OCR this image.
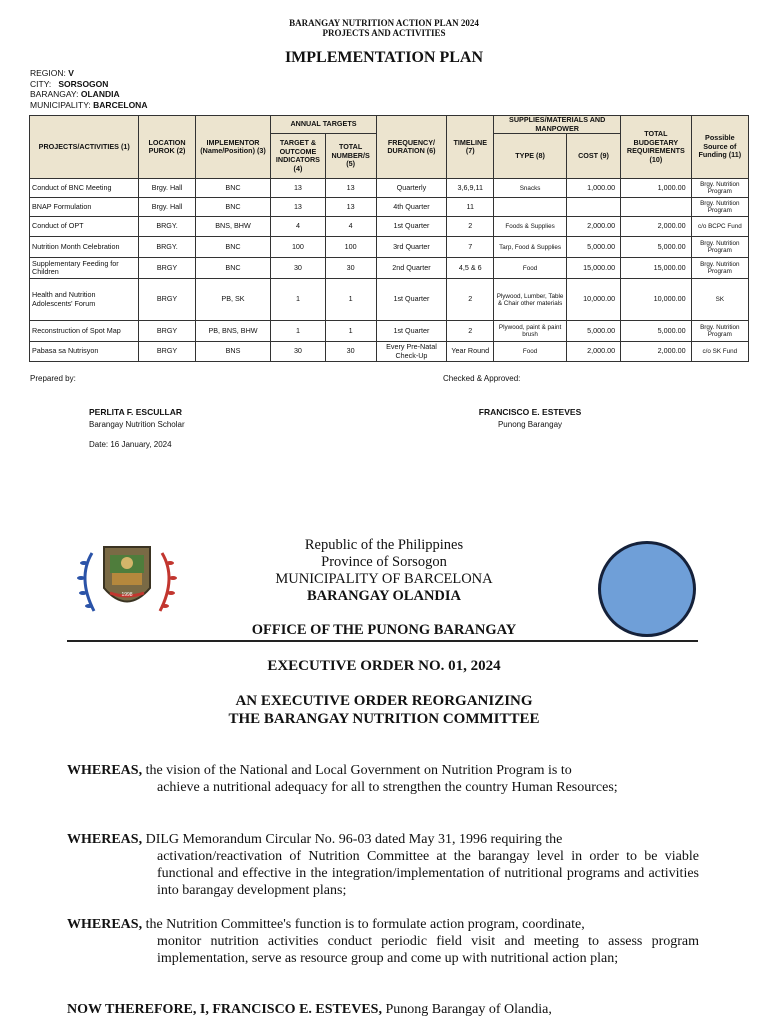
BARANGAY NUTRITION ACTION PLAN 2024
PROJECTS AND ACTIVITIES
IMPLEMENTATION PLAN
REGION: V
CITY: SORSOGON
BARANGAY: OLANDIA
MUNICIPALITY: BARCELONA
PROJECTS/ACTIVITIES (1)	LOCATION PUROK (2)	IMPLEMENTOR (Name/Position) (3)	ANNUAL TARGETS		FREQUENCY/ DURATION (6)	TIMELINE (7)	SUPPLIES/MATERIALS AND MANPOWER		TOTAL BUDGETARY REQUIREMENTS (10)	Possible Source of Funding (11)
			TARGET & OUTCOME INDICATORS (4)	TOTAL NUMBER/S (5)			TYPE (8)	COST (9)		
Conduct of BNC Meeting	Brgy. Hall	BNC	13	13	Quarterly	3,6,9,11	Snacks	1,000.00	1,000.00	Brgy. Nutrition Program
BNAP Formulation	Brgy. Hall	BNC	13	13	4th Quarter	11				Brgy. Nutrition Program
Conduct of OPT	BRGY.	BNS, BHW	4	4	1st Quarter	2	Foods & Supplies	2,000.00	2,000.00	c/o BCPC Fund
Nutrition Month Celebration	BRGY.	BNC	100	100	3rd Quarter	7	Tarp, Food & Supplies	5,000.00	5,000.00	Brgy. Nutrition Program
Supplementary Feeding for Children	BRGY	BNC	30	30	2nd Quarter	4,5 & 6	Food	15,000.00	15,000.00	Brgy. Nutrition Program
Health and Nutrition Adolescents' Forum	BRGY	PB, SK	1	1	1st Quarter	2	Plywood, Lumber, Table & Chair other materials	10,000.00	10,000.00	SK
Reconstruction of Spot Map	BRGY	PB, BNS, BHW	1	1	1st Quarter	2	Plywood, paint & paint brush	5,000.00	5,000.00	Brgy. Nutrition Program
Pabasa sa Nutrisyon	BRGY	BNS	30	30	Every Pre-Natal Check-Up	Year Round	Food	2,000.00	2,000.00	c/o SK Fund
Prepared by:	Checked & Approved:
PERLITA F. ESCULLAR
Barangay Nutrition Scholar
Date: 16 January, 2024
FRANCISCO E. ESTEVES
Punong Barangay
1998
Republic of the Philippines
Province of Sorsogon
MUNICIPALITY OF BARCELONA
BARANGAY OLANDIA
OFFICE OF THE PUNONG BARANGAY
EXECUTIVE ORDER NO. 01, 2024
AN EXECUTIVE ORDER REORGANIZING
THE BARANGAY NUTRITION COMMITTEE
WHEREAS, the vision of the National and Local Government on Nutrition Program is to
achieve a nutritional adequacy for all to strengthen the country Human Resources;
WHEREAS, DILG Memorandum Circular No. 96-03 dated May 31, 1996 requiring the
activation/reactivation of Nutrition Committee at the barangay level in order to be viable functional and effective in the integration/implementation of nutritional programs and activities into barangay development plans;
WHEREAS, the Nutrition Committee's function is to formulate action program, coordinate,
monitor nutrition activities conduct periodic field visit and meeting to assess program implementation, serve as resource group and come up with nutritional action plan;
NOW THEREFORE, I, FRANCISCO E. ESTEVES, Punong Barangay of Olandia,
